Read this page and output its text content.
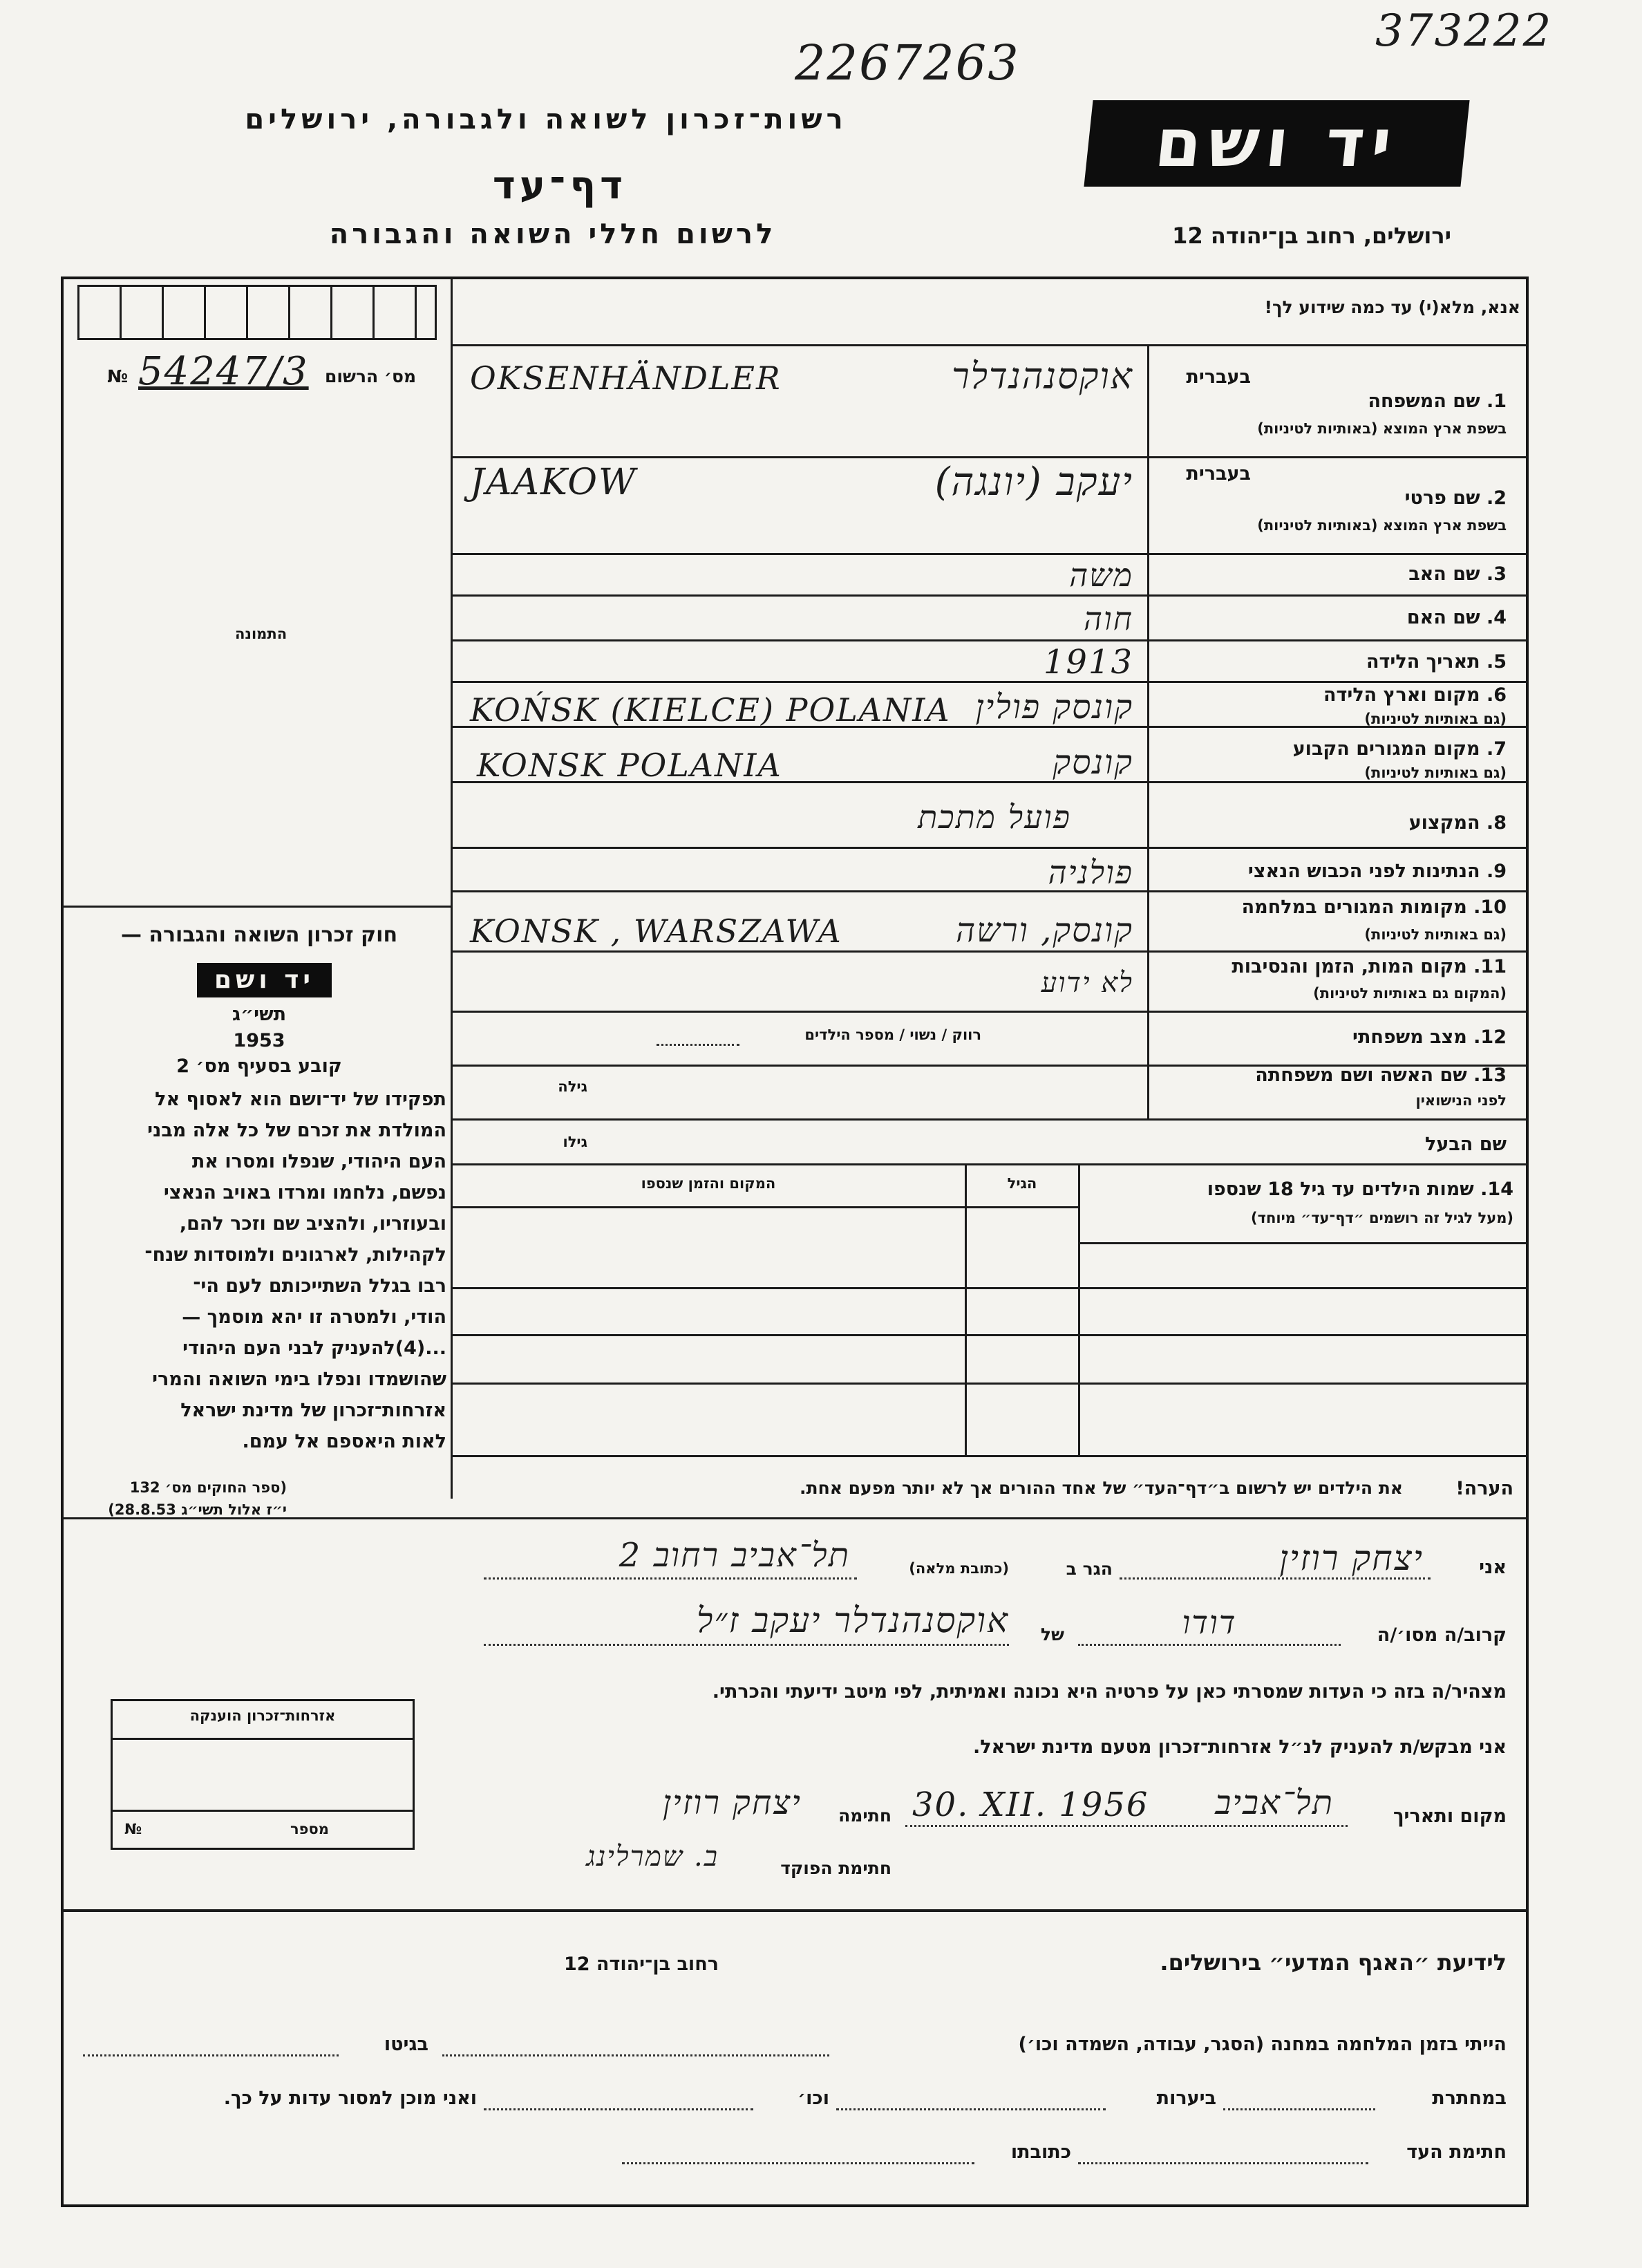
373222
2267263
רשות־זכרון לשואה ולגבורה, ירושלים	יד ושם
דף־עד
לרשום חללי השואה והגבורה	ירושלים, רחוב בן־יהודה 12
מס׳ הרשום
№ 54247/3
התמונה
חוק זכרון השואה והגבורה —
יד ושם
תשי״ג
1953
קובע בסעיף מס׳ 2
תפקידו של יד־ושם הוא לאסוף אל
המולדת את זכרם של כל אלה מבני
העם היהודי, שנפלו ומסרו את
נפשם, נלחמו ומרדו באויב הנאצי
ובעוזריו, ולהציב שם וזכר להם,
לקהילות, לארגונים ולמוסדות שנח־
רבו בגלל השתייכותם לעם הי־
הודי, ולמטרה זו יהא מוסמך —
...(4)להעניק לבני העם היהודי
שהושמדו ונפלו בימי השואה והמרי
אזרחות־זכרון של מדינת ישראל
לאות היאספם אל עמם.
(ספר החוקים מס׳ 132
י״ז אלול תשי״ג 28.8.53)
אזרחות־זכרון הוענקה
מספר
№
אנא, מלא(י) עד כמה שידוע לך!
בעברית
1. שם המשפחה
בשפת ארץ המוצא (באותיות לטיניות)
OKSENHÄNDLER	אוקסנהנדלר
בעברית
2. שם פרטי
בשפת ארץ המוצא (באותיות לטיניות)
JAAKOW	יעקב (יונגה)
3. שם האב
משה
4. שם האם
חוה
5. תאריך הלידה
1913
6. מקום וארץ הלידה
(גם באותיות לטיניות)
KOŃSK (KIELCE) POLANIA קונסק פולין
7. מקום המגורים הקבוע
(גם באותיות לטיניות)
KONSK POLANIA	קונסק
8. המקצוע
פועל מתכת
9. הנתינות לפני הכבוש הנאצי
פולניה
10. מקומות המגורים במלחמה
(גם באותיות לטיניות)
KONSK , WARSZAWA	קונסק, ורשה
11. מקום המות, הזמן והנסיבות
(המקום גם באותיות לטיניות)
לא ידוע
12. מצב משפחתי
רווק / נשוי / מספר הילדים
13. שם האשה ושם משפחתה
לפני הנישואין
גילה
שם הבעל
גילו
14. שמות הילדים עד גיל 18 שנספו
(מעל לגיל זה רושמים ״דף־עד״ מיוחד)
הגיל
המקום והזמן שנספו
הערה!
את הילדים יש לרשום ב״דף־העד״ של אחד ההורים אך לא יותר מפעם אחת.
אני
יצחק רוזין
הגר ב
(כתובת מלאה)
תל־אביב רחוב 2
קרוב/ה מסו׳/ה
דודו
של
אוקסנהנדלר יעקב ז״ל
מצהיר/ה בזה כי העדות שמסרתי כאן על פרטיה היא נכונה ואמיתית, לפי מיטב ידיעתי והכרתי.
אני מבקש/ת להעניק לנ״ל אזרחות־זכרון מטעם מדינת ישראל.
מקום ותאריך
תל־אביב
30. XII. 1956
חתימה
יצחק רוזין
חתימת הפוקד
ב. שמרלינג
לידיעת ״האגף המדעי״ בירושלים.
רחוב בן־יהודה 12
הייתי בזמן המלחמה במחנה (הסגר, עבודה, השמדה וכו׳)
בגיטו
במחתרת
ביערות
וכו׳
ואני מוכן למסור עדות על כך.
חתימת העד
כתובתו
